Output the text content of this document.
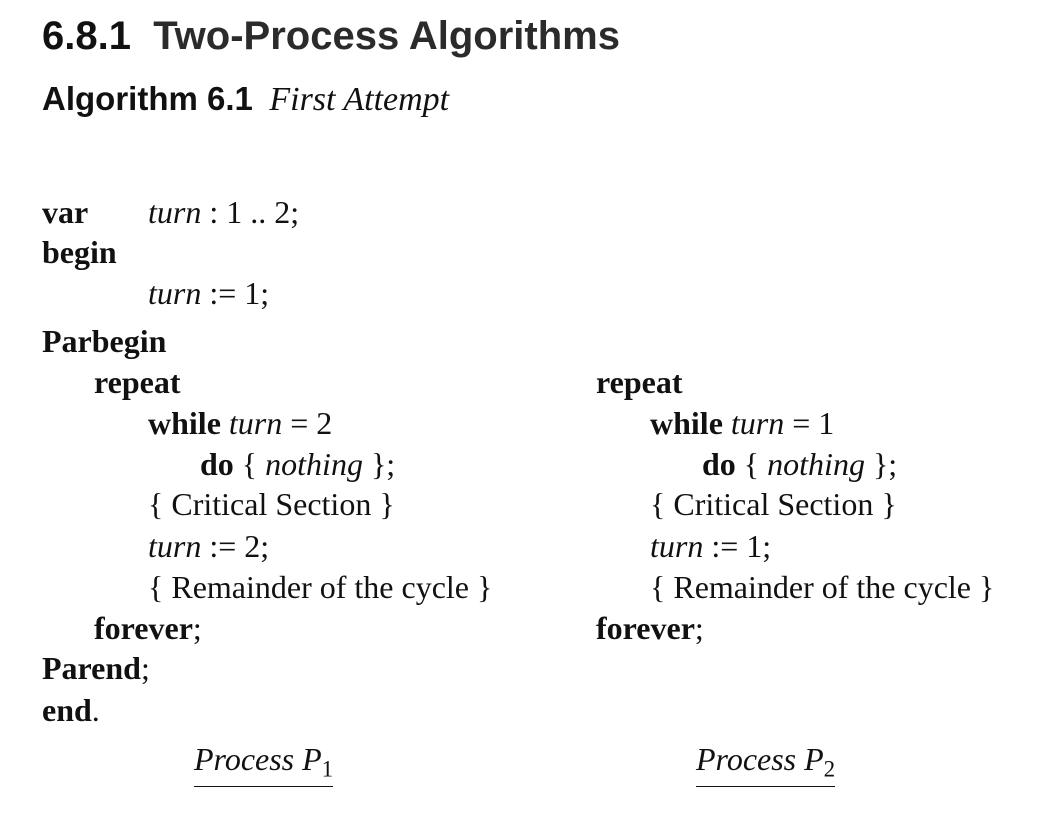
6.8.1 Two-Process Algorithms
Algorithm 6.1 First Attempt
var turn : 1 .. 2;
begin
turn := 1;
Parbegin
repeat
while turn = 2
do { nothing };
{ Critical Section }
turn := 2;
{ Remainder of the cycle }
forever;
repeat
while turn = 1
do { nothing };
{ Critical Section }
turn := 1;
{ Remainder of the cycle }
forever;
Parend;
end.
Process $P_1$	Process $P_2$
